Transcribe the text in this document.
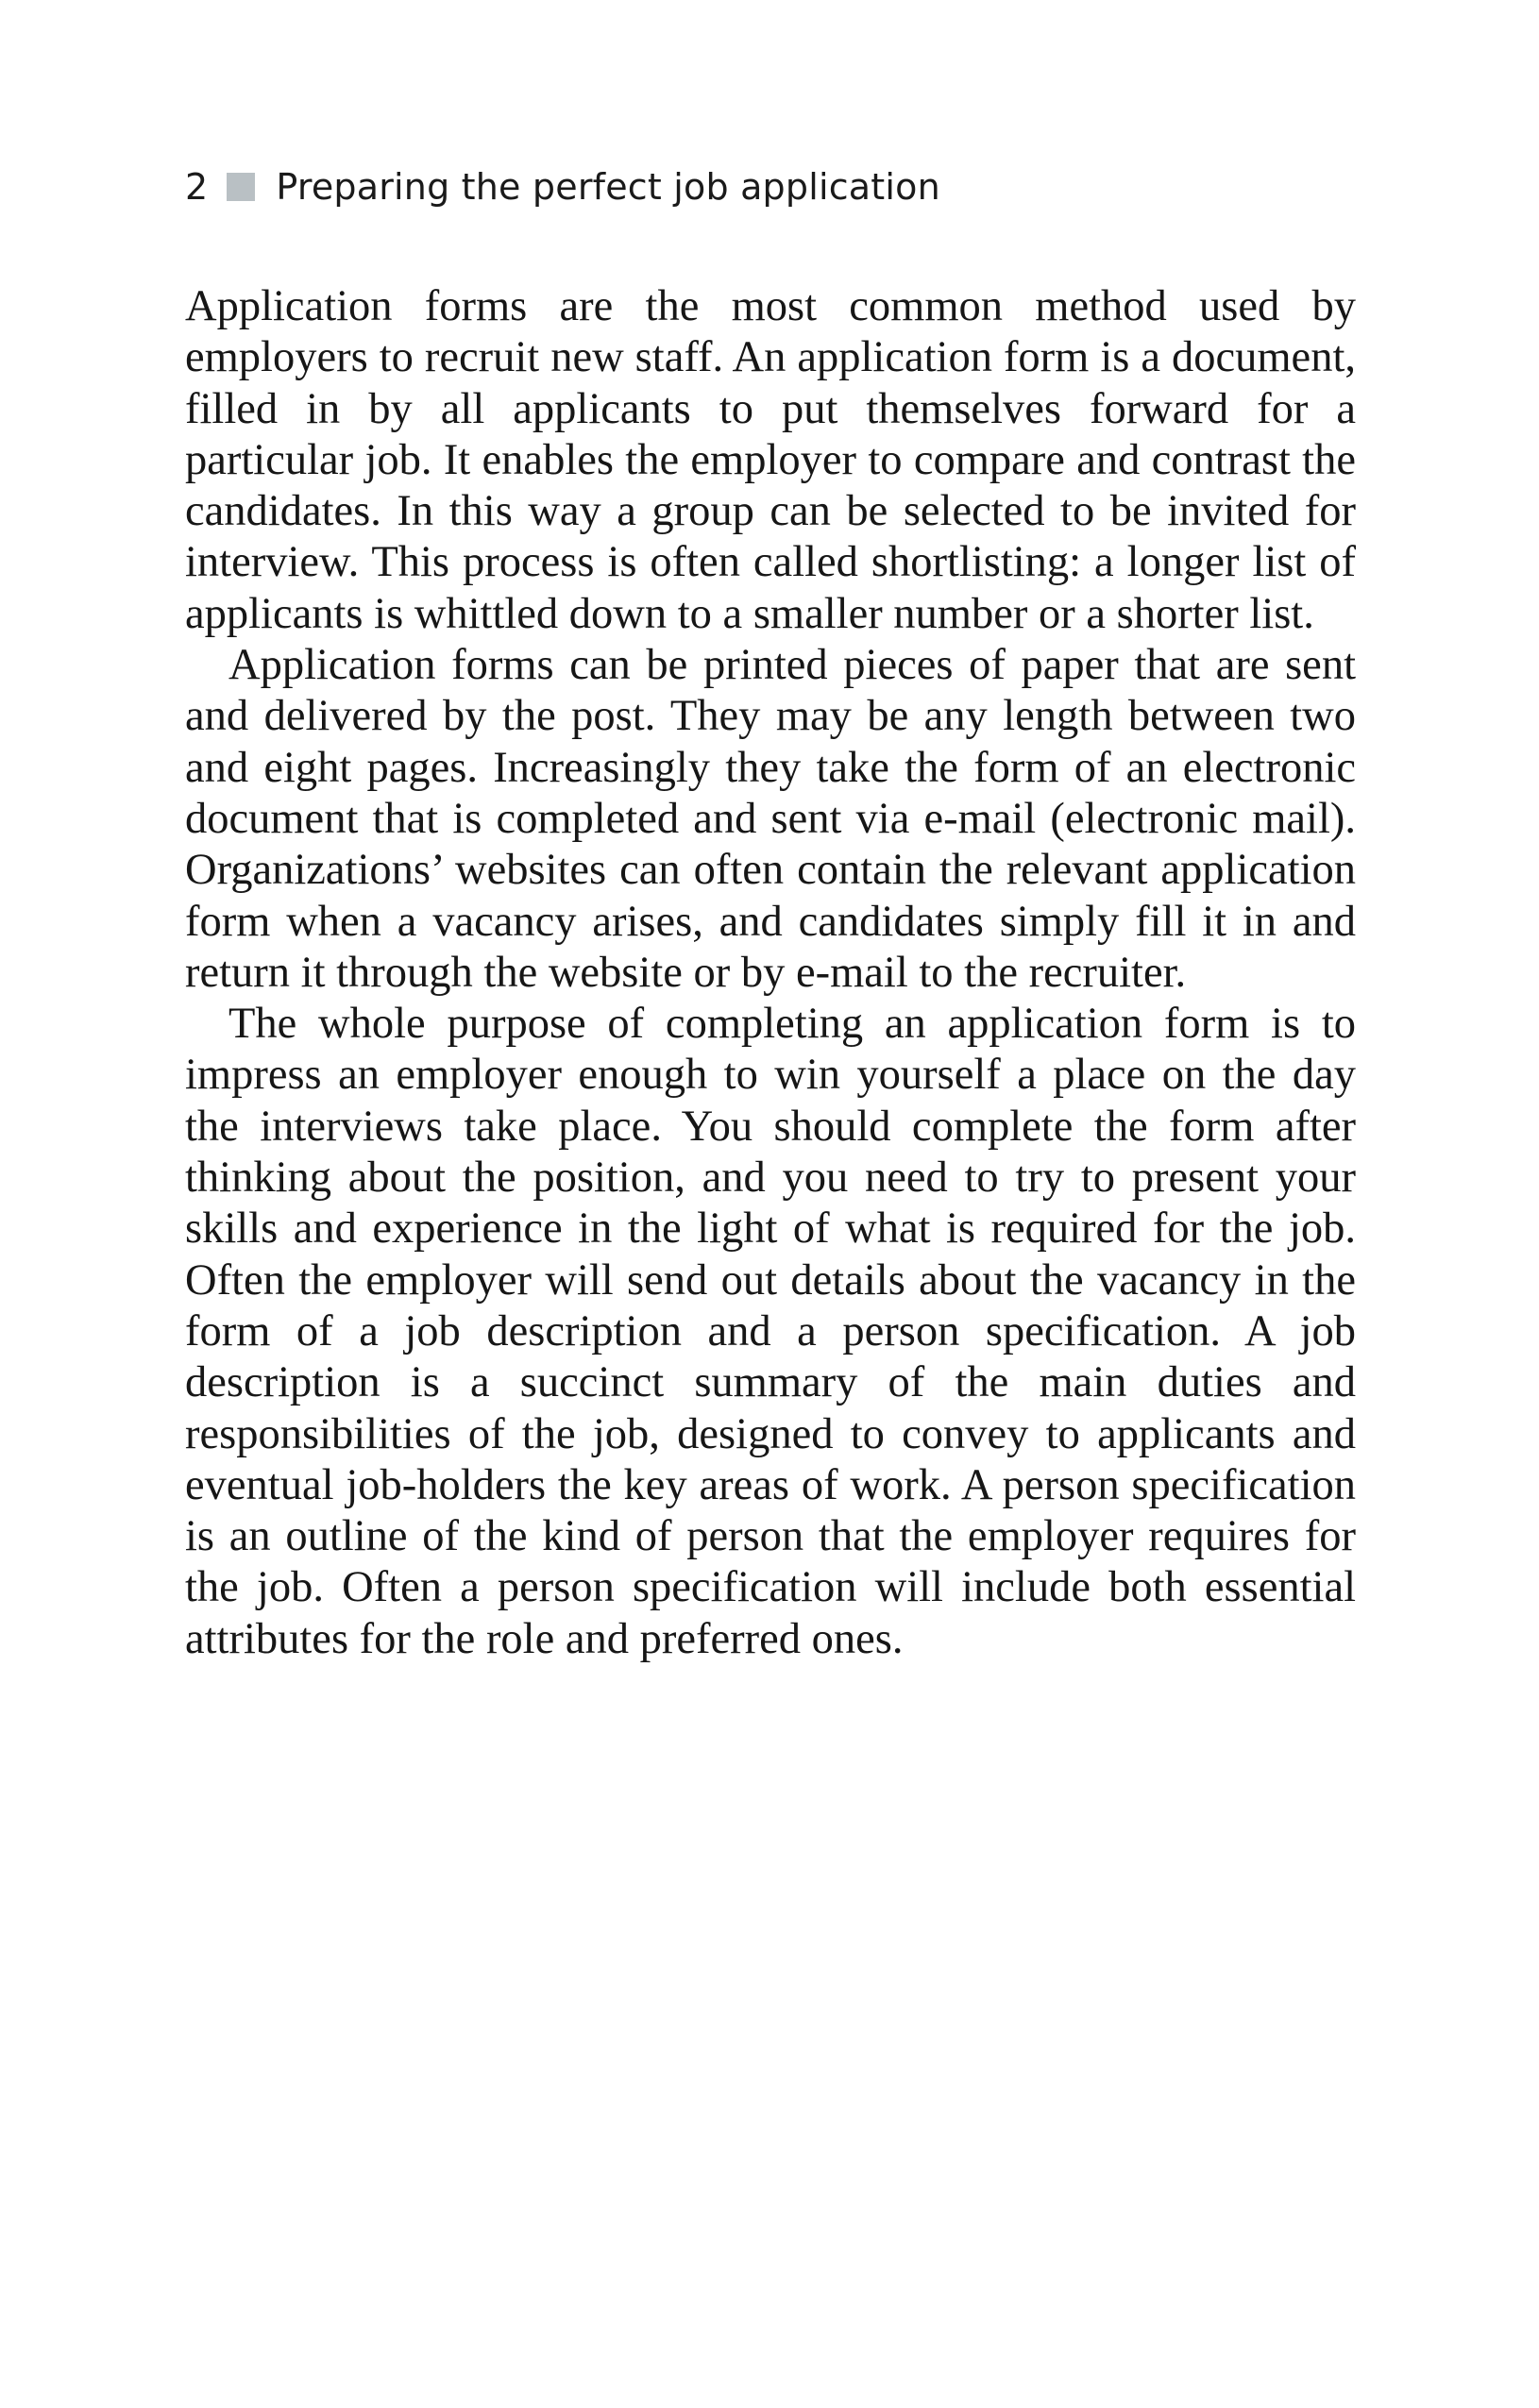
2 Preparing the perfect job application

Application forms are the most common method used by employers to recruit new staff. An application form is a document, filled in by all applicants to put themselves forward for a particular job. It enables the employer to compare and contrast the candidates. In this way a group can be selected to be invited for interview. This process is often called shortlisting: a longer list of applicants is whittled down to a smaller number or a shorter list.

Application forms can be printed pieces of paper that are sent and delivered by the post. They may be any length between two and eight pages. Increasingly they take the form of an electronic document that is completed and sent via e-mail (electronic mail). Organizations’ websites can often contain the relevant application form when a vacancy arises, and candidates simply fill it in and return it through the website or by e-mail to the recruiter.

The whole purpose of completing an application form is to impress an employer enough to win yourself a place on the day the interviews take place. You should complete the form after thinking about the position, and you need to try to present your skills and experience in the light of what is required for the job. Often the employer will send out details about the vacancy in the form of a job description and a person specification. A job description is a succinct summary of the main duties and responsibilities of the job, designed to convey to applicants and eventual job-holders the key areas of work. A person specification is an outline of the kind of person that the employer requires for the job. Often a person specification will include both essential attributes for the role and preferred ones.
